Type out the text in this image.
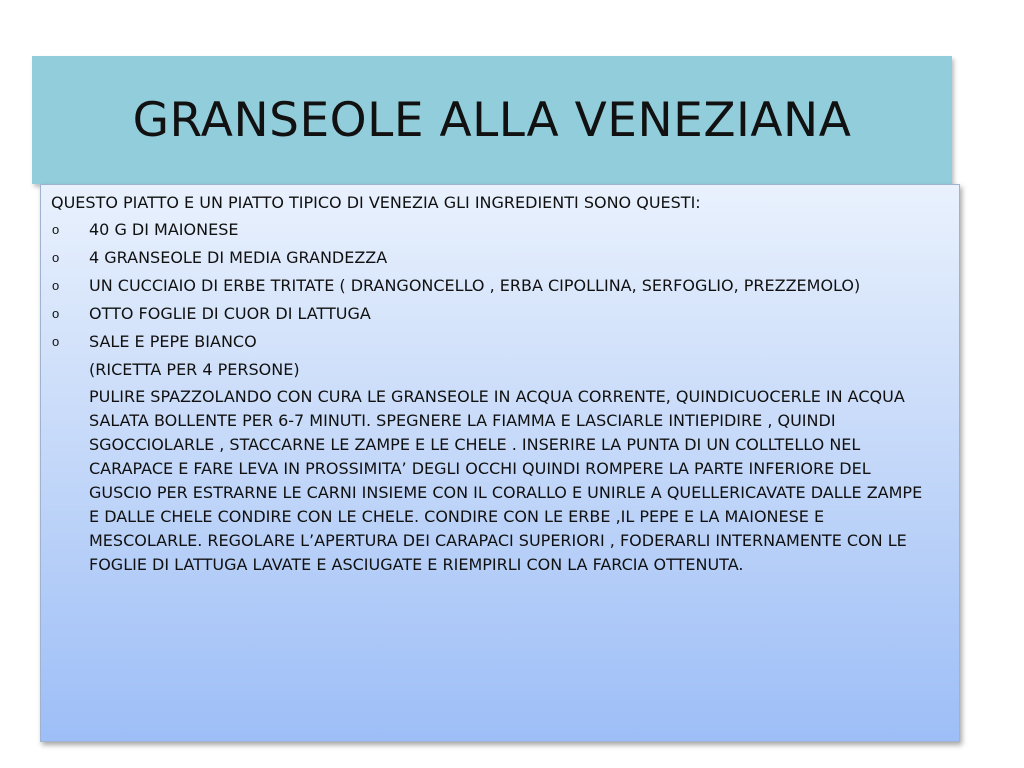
GRANSEOLE ALLA VENEZIANA

QUESTO PIATTO E UN PIATTO TIPICO DI VENEZIA GLI INGREDIENTI SONO QUESTI:

o 40 G DI MAIONESE
o 4 GRANSEOLE DI MEDIA GRANDEZZA
o UN CUCCIAIO DI ERBE TRITATE ( DRANGONCELLO , ERBA CIPOLLINA, SERFOGLIO, PREZZEMOLO)
o OTTO FOGLIE DI CUOR DI LATTUGA
o SALE E PEPE BIANCO

(RICETTA PER 4 PERSONE)

PULIRE SPAZZOLANDO CON CURA LE GRANSEOLE IN ACQUA CORRENTE, QUINDICUOCERLE IN ACQUA SALATA BOLLENTE PER 6-7 MINUTI. SPEGNERE LA FIAMMA E LASCIARLE INTIEPIDIRE , QUINDI SGOCCIOLARLE , STACCARNE LE ZAMPE E LE CHELE . INSERIRE LA PUNTA DI UN COLLTELLO NEL CARAPACE E FARE LEVA IN PROSSIMITA’ DEGLI OCCHI QUINDI ROMPERE LA PARTE INFERIORE DEL GUSCIO PER ESTRARNE LE CARNI INSIEME CON IL CORALLO E UNIRLE A QUELLERICAVATE DALLE ZAMPE E DALLE CHELE CONDIRE CON LE CHELE. CONDIRE CON LE ERBE ,IL PEPE E LA MAIONESE E MESCOLARLE. REGOLARE L’APERTURA DEI CARAPACI SUPERIORI , FODERARLI INTERNAMENTE CON LE FOGLIE DI LATTUGA LAVATE E ASCIUGATE E RIEMPIRLI CON LA FARCIA OTTENUTA.
